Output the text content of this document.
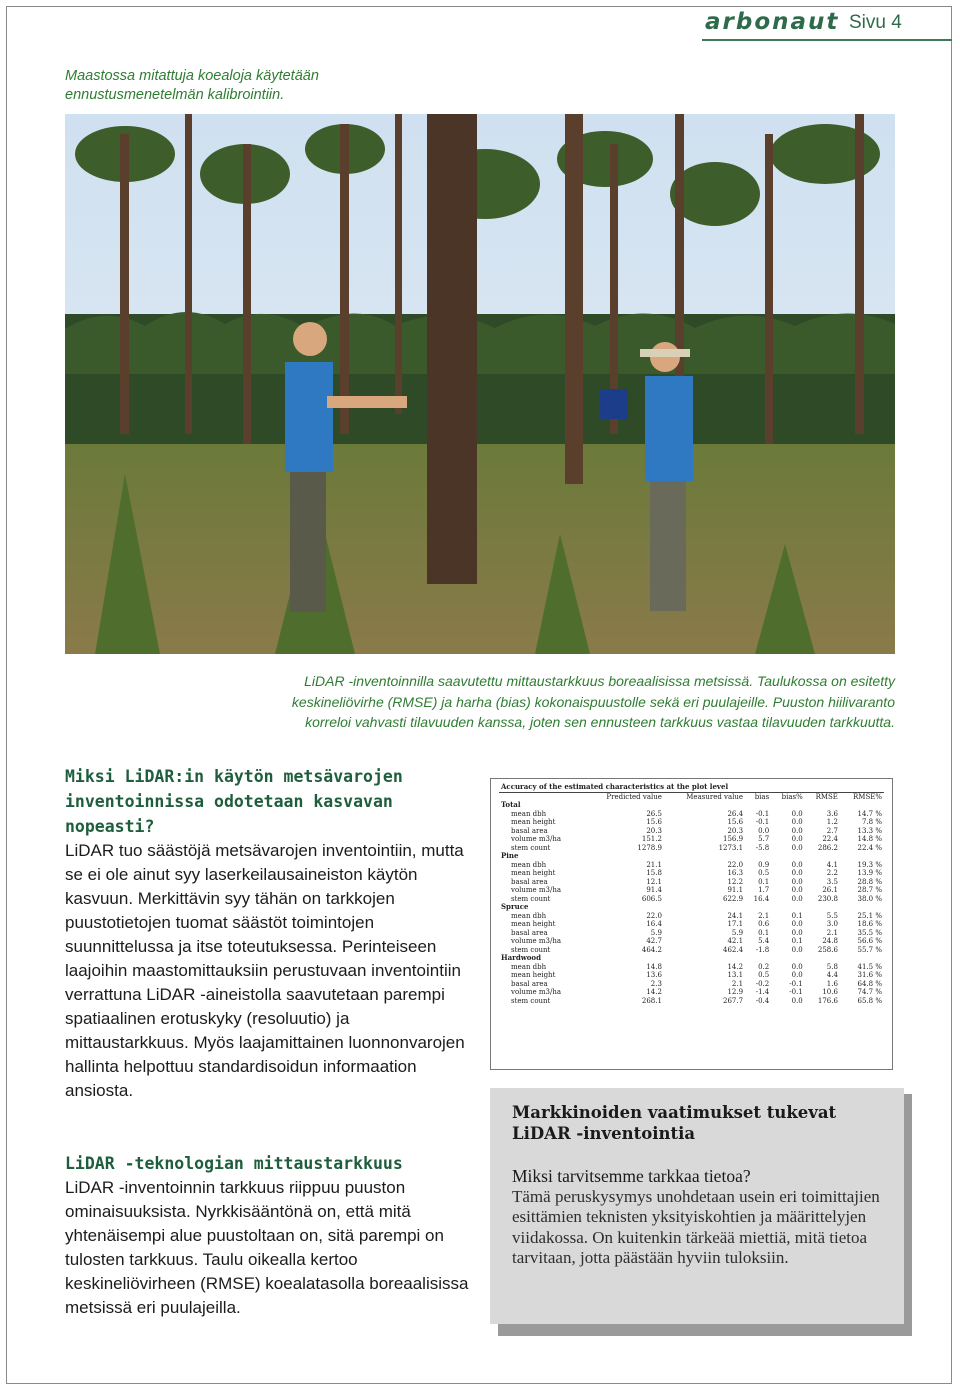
arbonaut Sivu 4
Maastossa mitattuja koealoja käytetään ennustusmenetelmän kalibrointiin.
LiDAR -inventoinnilla saavutettu mittaustarkkuus boreaalisissa metsissä. Taulukossa on esitetty keskineliövirhe (RMSE) ja harha (bias) kokonaispuustolle sekä eri puulajeille. Puuston hiilivaranto korreloi vahvasti tilavuuden kanssa, joten sen ennusteen tarkkuus vastaa tilavuuden tarkkuutta.
Miksi LiDAR:in käytön metsävarojen inventoinnissa odotetaan kasvavan nopeasti?
LiDAR tuo säästöjä metsävarojen inventointiin, mutta se ei ole ainut syy laserkeilausaineiston käytön kasvuun. Merkittävin syy tähän on tarkkojen puustotietojen tuomat säästöt toimintojen suunnittelussa ja itse toteutuksessa. Perinteiseen laajoihin maastomittauksiin perustuvaan inventointiin verrattuna LiDAR -aineistolla saavutetaan parempi spatiaalinen erotuskyky (resoluutio) ja mittaustarkkuus. Myös laajamittainen luonnonvarojen hallinta helpottuu standardisoidun informaation ansiosta.
LiDAR -teknologian mittaustarkkuus
LiDAR -inventoinnin tarkkuus riippuu puuston ominaisuuksista. Nyrkkisääntönä on, että mitä yhtenäisempi alue puustoltaan on, sitä parempi on tulosten tarkkuus. Taulu oikealla kertoo keskineliövirheen (RMSE) koealatasolla boreaalisissa metsissä eri puulajeilla.
Accuracy of the estimated characteristics at the plot level						
	Predicted value	Measured value	bias	bias%	RMSE	RMSE%
Total						
mean dbh	26.5	26.4	-0.1	0.0	3.6	14.7 %
mean height	15.6	15.6	-0.1	0.0	1.2	7.8 %
basal area	20.3	20.3	0.0	0.0	2.7	13.3 %
volume m3/ha	151.2	156.9	5.7	0.0	22.4	14.8 %
stem count	1278.9	1273.1	-5.8	0.0	286.2	22.4 %
Pine						
mean dbh	21.1	22.0	0.9	0.0	4.1	19.3 %
mean height	15.8	16.3	0.5	0.0	2.2	13.9 %
basal area	12.1	12.2	0.1	0.0	3.5	28.8 %
volume m3/ha	91.4	91.1	1.7	0.0	26.1	28.7 %
stem count	606.5	622.9	16.4	0.0	230.8	38.0 %
Spruce						
mean dbh	22.0	24.1	2.1	0.1	5.5	25.1 %
mean height	16.4	17.1	0.6	0.0	3.0	18.6 %
basal area	5.9	5.9	0.1	0.0	2.1	35.5 %
volume m3/ha	42.7	42.1	5.4	0.1	24.8	56.6 %
stem count	464.2	462.4	-1.8	0.0	258.6	55.7 %
Hardwood						
mean dbh	14.8	14.2	0.2	0.0	5.8	41.5 %
mean height	13.6	13.1	0.5	0.0	4.4	31.6 %
basal area	2.3	2.1	-0.2	-0.1	1.6	64.8 %
volume m3/ha	14.2	12.9	-1.4	-0.1	10.6	74.7 %
stem count	268.1	267.7	-0.4	0.0	176.6	65.8 %
Markkinoiden vaatimukset tukevat LiDAR -inventointia
Miksi tarvitsemme tarkkaa tietoa?
Tämä peruskysymys unohdetaan usein eri toimittajien esittämien teknisten yksityiskohtien ja määrittelyjen viidakossa. On kuitenkin tärkeää miettiä, mitä tietoa tarvitaan, jotta päästään hyviin tuloksiin.
